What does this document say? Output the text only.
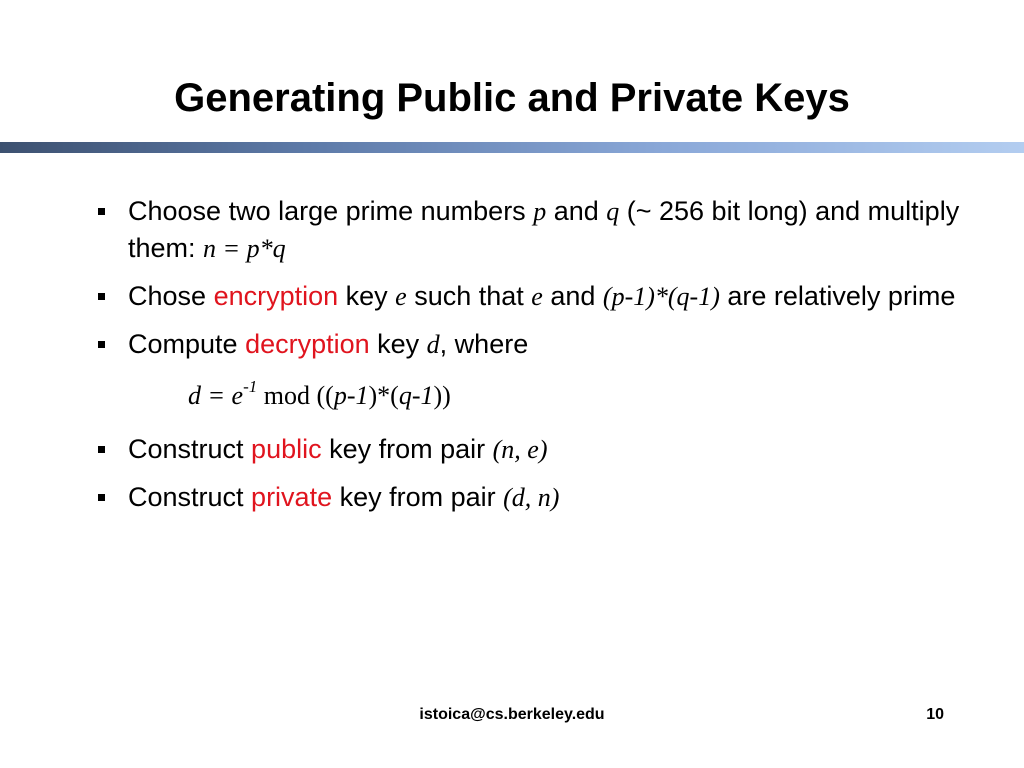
Generating Public and Private Keys
Choose two large prime numbers p and q (~ 256 bit long) and multiply them: n = p*q
Chose encryption key e such that e and (p-1)*(q-1) are relatively prime
Compute decryption key d, where
$d = e^{-1}$ mod ((p-1)*(q-1))
Construct public key from pair (n, e)
Construct private key from pair (d, n)
istoica@cs.berkeley.edu	10
